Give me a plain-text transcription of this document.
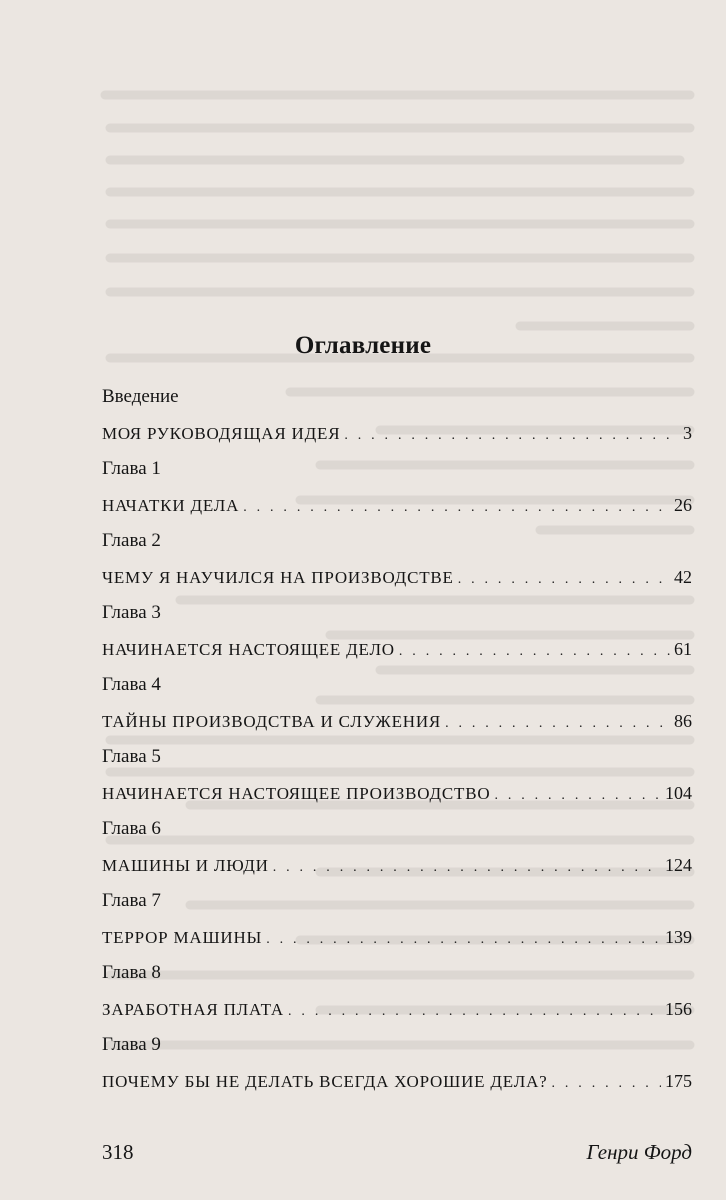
Оглавление
Введение
МОЯ РУКОВОДЯЩАЯ ИДЕЯ . . .	3
Глава 1
НАЧАТКИ ДЕЛА . . .	26
Глава 2
ЧЕМУ Я НАУЧИЛСЯ НА ПРОИЗВОДСТВЕ . . .	42
Глава 3
НАЧИНАЕТСЯ НАСТОЯЩЕЕ ДЕЛО . . .	61
Глава 4
ТАЙНЫ ПРОИЗВОДСТВА И СЛУЖЕНИЯ . . .	86
Глава 5
НАЧИНАЕТСЯ НАСТОЯЩЕЕ ПРОИЗВОДСТВО . . .	104
Глава 6
МАШИНЫ И ЛЮДИ . . .	124
Глава 7
ТЕРРОР МАШИНЫ . . .	139
Глава 8
ЗАРАБОТНАЯ ПЛАТА . . .	156
Глава 9
ПОЧЕМУ БЫ НЕ ДЕЛАТЬ ВСЕГДА ХОРОШИЕ ДЕЛА? . . .	175
318	Генри Форд
